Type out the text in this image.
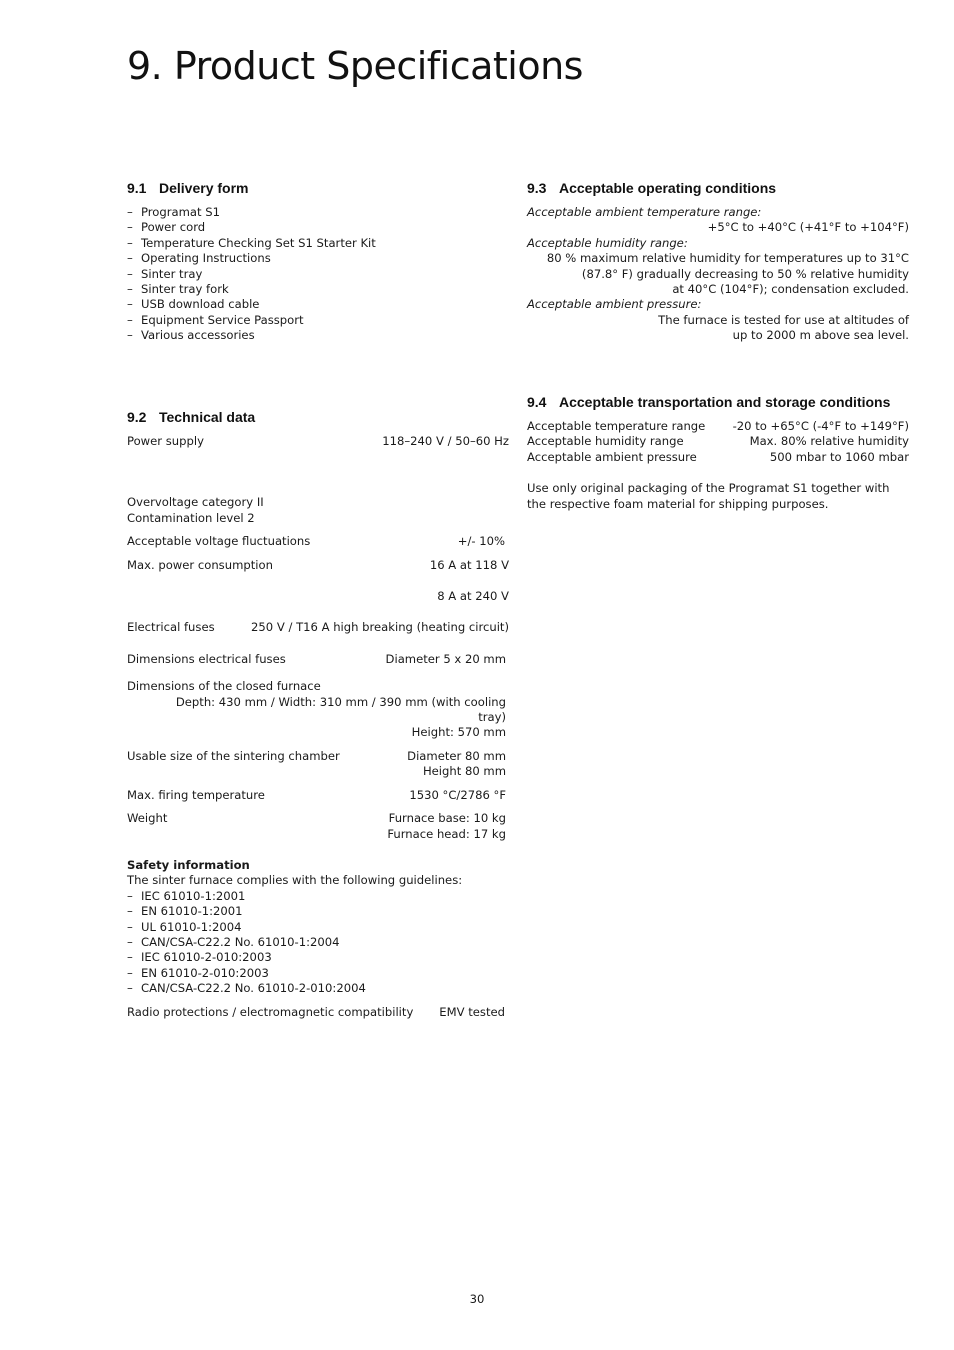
9. Product Specifications
9.1 Delivery form
– Programat S1
– Power cord
– Temperature Checking Set S1 Starter Kit
– Operating Instructions
– Sinter tray
– Sinter tray fork
– USB download cable
– Equipment Service Passport
– Various accessories
9.2 Technical data
Power supply	118–240 V / 50–60 Hz
Overvoltage category II
Contamination level 2
Acceptable voltage fluctuations	+/- 10%
Max. power consumption	16 A at 118 V
8 A at 240 V
Electrical fuses	250 V / T16 A high breaking (heating circuit)
Dimensions electrical fuses	Diameter 5 x 20 mm
Dimensions of the closed furnace
Depth: 430 mm / Width: 310 mm / 390 mm (with cooling tray)
Height: 570 mm
Usable size of the sintering chamber	Diameter 80 mm
Height 80 mm
Max. firing temperature	1530 °C/2786 °F
Weight	Furnace base: 10 kg
Furnace head: 17 kg
Safety information
The sinter furnace complies with the following guidelines:
– IEC 61010-1:2001
– EN 61010-1:2001
– UL 61010-1:2004
– CAN/CSA-C22.2 No. 61010-1:2004
– IEC 61010-2-010:2003
– EN 61010-2-010:2003
– CAN/CSA-C22.2 No. 61010-2-010:2004
Radio protections / electromagnetic compatibility EMV tested
9.3 Acceptable operating conditions
Acceptable ambient temperature range:
+5°C to +40°C (+41°F to +104°F)
Acceptable humidity range:
80 % maximum relative humidity for temperatures up to 31°C
(87.8° F) gradually decreasing to 50 % relative humidity
at 40°C (104°F); condensation excluded.
Acceptable ambient pressure:
The furnace is tested for use at altitudes of
up to 2000 m above sea level.
9.4 Acceptable transportation and storage conditions
Acceptable temperature range -20 to +65°C (-4°F to +149°F)
Acceptable humidity range	Max. 80% relative humidity
Acceptable ambient pressure	500 mbar to 1060 mbar
Use only original packaging of the Programat S1 together with the respective foam material for shipping purposes.
30
